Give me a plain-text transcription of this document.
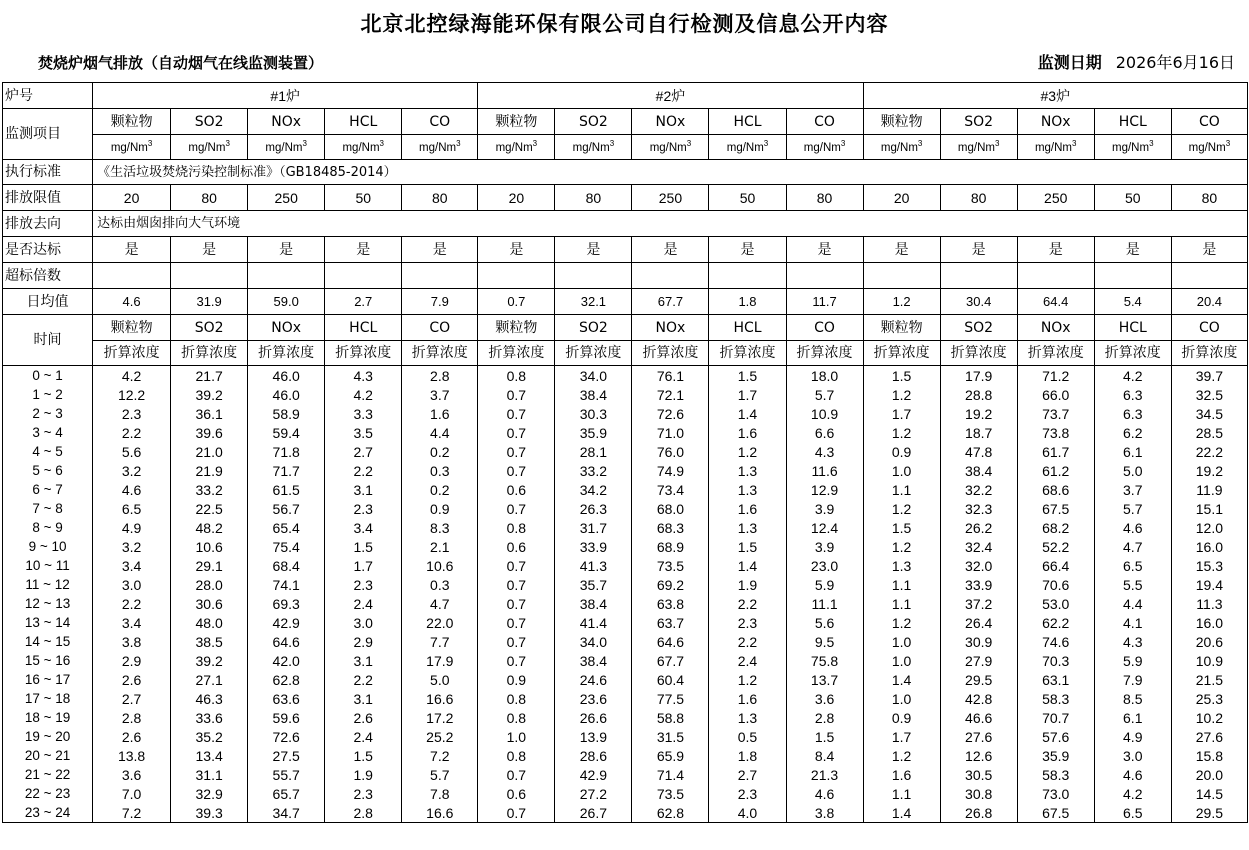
北京北控绿海能环保有限公司自行检测及信息公开内容
焚烧炉烟气排放（自动烟气在线监测装置）	监测日期 2026年6月16日
炉号	#1炉					#2炉					#3炉				
监测项目	颗粒物	SO2	NOx	HCL	CO	颗粒物	SO2	NOx	HCL	CO	颗粒物	SO2	NOx	HCL	CO
	mg/Nm$^3$	mg/Nm$^3$	mg/Nm$^3$	mg/Nm$^3$	mg/Nm$^3$	mg/Nm$^3$	mg/Nm$^3$	mg/Nm$^3$	mg/Nm$^3$	mg/Nm$^3$	mg/Nm$^3$	mg/Nm$^3$	mg/Nm$^3$	mg/Nm$^3$	mg/Nm$^3$
执行标准	《生活垃圾焚烧污染控制标准》（GB18485-2014）														
排放限值	20	80	250	50	80	20	80	250	50	80	20	80	250	50	80
排放去向	达标由烟囱排向大气环境														
是否达标	是	是	是	是	是	是	是	是	是	是	是	是	是	是	是
超标倍数															
日均值	4.6	31.9	59.0	2.7	7.9	0.7	32.1	67.7	1.8	11.7	1.2	30.4	64.4	5.4	20.4
时间	颗粒物	SO2	NOx	HCL	CO	颗粒物	SO2	NOx	HCL	CO	颗粒物	SO2	NOx	HCL	CO
	折算浓度	折算浓度	折算浓度	折算浓度	折算浓度	折算浓度	折算浓度	折算浓度	折算浓度	折算浓度	折算浓度	折算浓度	折算浓度	折算浓度	折算浓度
0 ~ 1	4.2	21.7	46.0	4.3	2.8	0.8	34.0	76.1	1.5	18.0	1.5	17.9	71.2	4.2	39.7
1 ~ 2	12.2	39.2	46.0	4.2	3.7	0.7	38.4	72.1	1.7	5.7	1.2	28.8	66.0	6.3	32.5
2 ~ 3	2.3	36.1	58.9	3.3	1.6	0.7	30.3	72.6	1.4	10.9	1.7	19.2	73.7	6.3	34.5
3 ~ 4	2.2	39.6	59.4	3.5	4.4	0.7	35.9	71.0	1.6	6.6	1.2	18.7	73.8	6.2	28.5
4 ~ 5	5.6	21.0	71.8	2.7	0.2	0.7	28.1	76.0	1.2	4.3	0.9	47.8	61.7	6.1	22.2
5 ~ 6	3.2	21.9	71.7	2.2	0.3	0.7	33.2	74.9	1.3	11.6	1.0	38.4	61.2	5.0	19.2
6 ~ 7	4.6	33.2	61.5	3.1	0.2	0.6	34.2	73.4	1.3	12.9	1.1	32.2	68.6	3.7	11.9
7 ~ 8	6.5	22.5	56.7	2.3	0.9	0.7	26.3	68.0	1.6	3.9	1.2	32.3	67.5	5.7	15.1
8 ~ 9	4.9	48.2	65.4	3.4	8.3	0.8	31.7	68.3	1.3	12.4	1.5	26.2	68.2	4.6	12.0
9 ~ 10	3.2	10.6	75.4	1.5	2.1	0.6	33.9	68.9	1.5	3.9	1.2	32.4	52.2	4.7	16.0
10 ~ 11	3.4	29.1	68.4	1.7	10.6	0.7	41.3	73.5	1.4	23.0	1.3	32.0	66.4	6.5	15.3
11 ~ 12	3.0	28.0	74.1	2.3	0.3	0.7	35.7	69.2	1.9	5.9	1.1	33.9	70.6	5.5	19.4
12 ~ 13	2.2	30.6	69.3	2.4	4.7	0.7	38.4	63.8	2.2	11.1	1.1	37.2	53.0	4.4	11.3
13 ~ 14	3.4	48.0	42.9	3.0	22.0	0.7	41.4	63.7	2.3	5.6	1.2	26.4	62.2	4.1	16.0
14 ~ 15	3.8	38.5	64.6	2.9	7.7	0.7	34.0	64.6	2.2	9.5	1.0	30.9	74.6	4.3	20.6
15 ~ 16	2.9	39.2	42.0	3.1	17.9	0.7	38.4	67.7	2.4	75.8	1.0	27.9	70.3	5.9	10.9
16 ~ 17	2.6	27.1	62.8	2.2	5.0	0.9	24.6	60.4	1.2	13.7	1.4	29.5	63.1	7.9	21.5
17 ~ 18	2.7	46.3	63.6	3.1	16.6	0.8	23.6	77.5	1.6	3.6	1.0	42.8	58.3	8.5	25.3
18 ~ 19	2.8	33.6	59.6	2.6	17.2	0.8	26.6	58.8	1.3	2.8	0.9	46.6	70.7	6.1	10.2
19 ~ 20	2.6	35.2	72.6	2.4	25.2	1.0	13.9	31.5	0.5	1.5	1.7	27.6	57.6	4.9	27.6
20 ~ 21	13.8	13.4	27.5	1.5	7.2	0.8	28.6	65.9	1.8	8.4	1.2	12.6	35.9	3.0	15.8
21 ~ 22	3.6	31.1	55.7	1.9	5.7	0.7	42.9	71.4	2.7	21.3	1.6	30.5	58.3	4.6	20.0
22 ~ 23	7.0	32.9	65.7	2.3	7.8	0.6	27.2	73.5	2.3	4.6	1.1	30.8	73.0	4.2	14.5
23 ~ 24	7.2	39.3	34.7	2.8	16.6	0.7	26.7	62.8	4.0	3.8	1.4	26.8	67.5	6.5	29.5
